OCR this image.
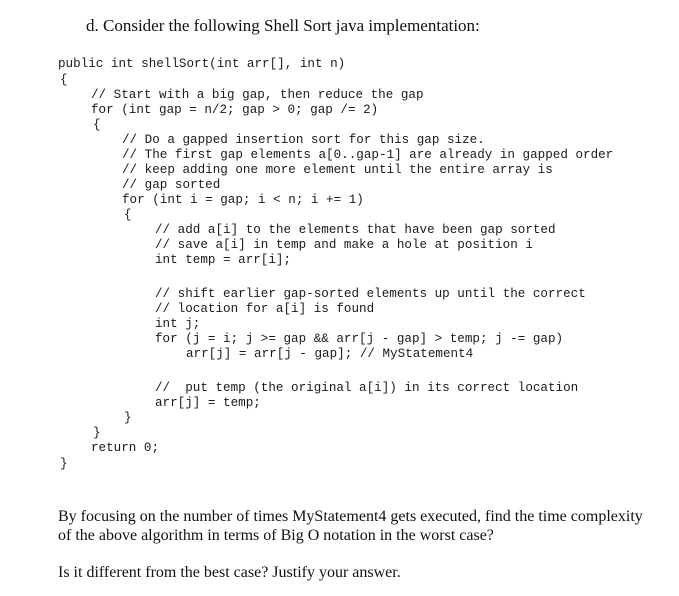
d. Consider the following Shell Sort java implementation:
public int shellSort(int arr[], int n)
{
// Start with a big gap, then reduce the gap
for (int gap = n/2; gap > 0; gap /= 2)
{
// Do a gapped insertion sort for this gap size.
// The first gap elements a[0..gap-1] are already in gapped order
// keep adding one more element until the entire array is
// gap sorted
for (int i = gap; i < n; i += 1)
{
// add a[i] to the elements that have been gap sorted
// save a[i] in temp and make a hole at position i
int temp = arr[i];
// shift earlier gap-sorted elements up until the correct
// location for a[i] is found
int j;
for (j = i; j >= gap && arr[j - gap] > temp; j -= gap)
arr[j] = arr[j - gap]; // MyStatement4
//  put temp (the original a[i]) in its correct location
arr[j] = temp;
}
}
return 0;
}
By focusing on the number of times MyStatement4 gets executed, find the time complexity
of the above algorithm in terms of Big O notation in the worst case?
Is it different from the best case? Justify your answer.
